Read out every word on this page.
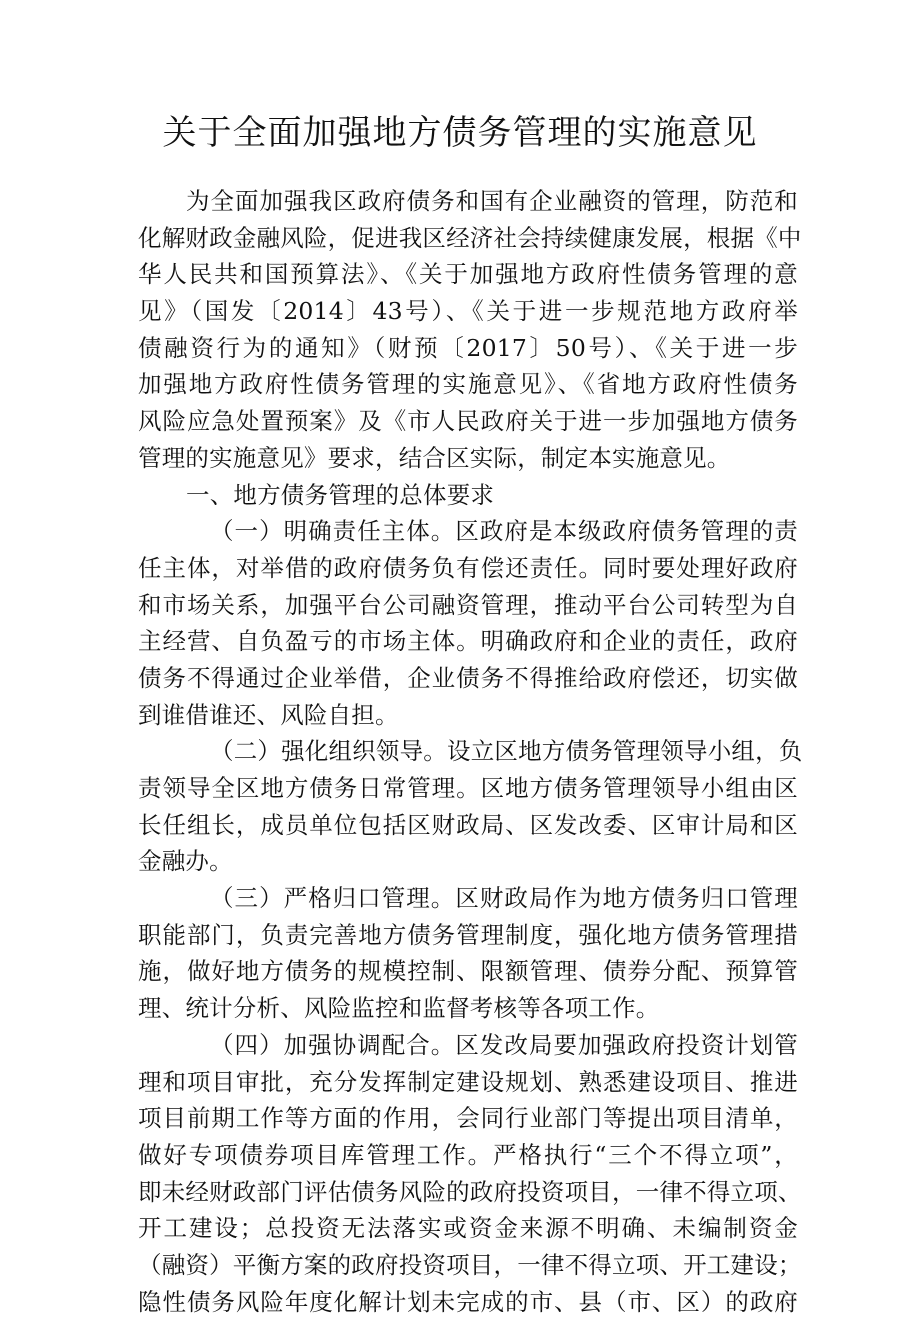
关于全面加强地方债务管理的实施意见
为全面加强我区政府债务和国有企业融资的管理，防范和
化解财政金融风险，促进我区经济社会持续健康发展，根据《中
华人民共和国预算法》、《关于加强地方政府性债务管理的意
见》（国发〔2014〕43号）、《关于进一步规范地方政府举
债融资行为的通知》（财预〔2017〕50号）、《关于进一步
加强地方政府性债务管理的实施意见》、《省地方政府性债务
风险应急处置预案》及《市人民政府关于进一步加强地方债务
管理的实施意见》要求，结合区实际，制定本实施意见。
一、地方债务管理的总体要求
（一）明确责任主体。区政府是本级政府债务管理的责
任主体，对举借的政府债务负有偿还责任。同时要处理好政府
和市场关系，加强平台公司融资管理，推动平台公司转型为自
主经营、自负盈亏的市场主体。明确政府和企业的责任，政府
债务不得通过企业举借，企业债务不得推给政府偿还，切实做
到谁借谁还、风险自担。
（二）强化组织领导。设立区地方债务管理领导小组，负
责领导全区地方债务日常管理。区地方债务管理领导小组由区
长任组长，成员单位包括区财政局、区发改委、区审计局和区
金融办。
（三）严格归口管理。区财政局作为地方债务归口管理
职能部门，负责完善地方债务管理制度，强化地方债务管理措
施，做好地方债务的规模控制、限额管理、债券分配、预算管
理、统计分析、风险监控和监督考核等各项工作。
（四）加强协调配合。区发改局要加强政府投资计划管
理和项目审批，充分发挥制定建设规划、熟悉建设项目、推进
项目前期工作等方面的作用，会同行业部门等提出项目清单，
做好专项债券项目库管理工作。严格执行“三个不得立项”，
即未经财政部门评估债务风险的政府投资项目，一律不得立项、
开工建设；总投资无法落实或资金来源不明确、未编制资金
（融资）平衡方案的政府投资项目，一律不得立项、开工建设；
隐性债务风险年度化解计划未完成的市、县（市、区）的政府
